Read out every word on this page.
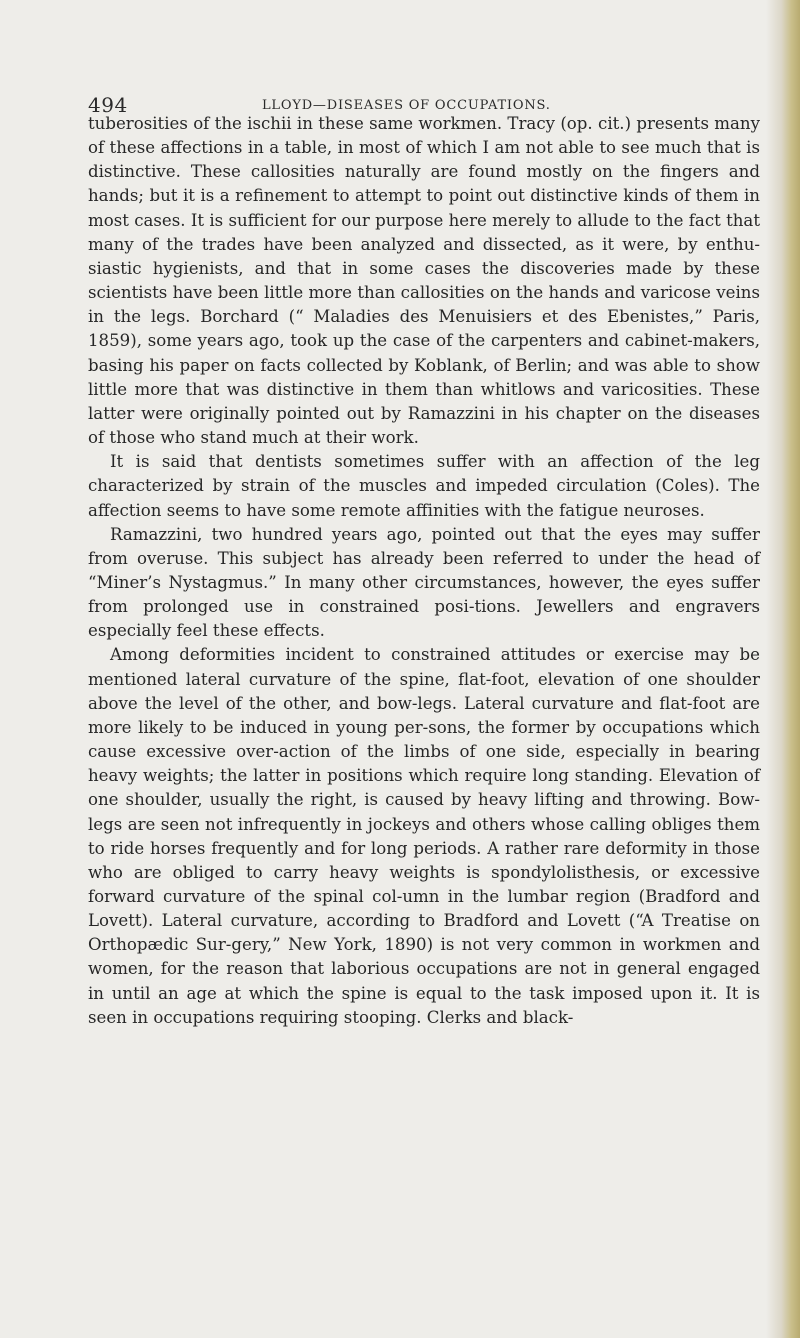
494	LLOYD—DISEASES OF OCCUPATIONS.

tuberosities of the ischii in these same workmen. Tracy (op. cit.) presents many of these affections in a table, in most of which I am not able to see much that is distinctive. These callosities naturally are found mostly on the fingers and hands; but it is a refinement to attempt to point out distinctive kinds of them in most cases. It is sufficient for our purpose here merely to allude to the fact that many of the trades have been analyzed and dissected, as it were, by enthu-siastic hygienists, and that in some cases the discoveries made by these scientists have been little more than callosities on the hands and varicose veins in the legs. Borchard (“ Maladies des Menuisiers et des Ebenistes,” Paris, 1859), some years ago, took up the case of the carpenters and cabinet-makers, basing his paper on facts collected by Koblank, of Berlin; and was able to show little more that was distinctive in them than whitlows and varicosities. These latter were originally pointed out by Ramazzini in his chapter on the diseases of those who stand much at their work.

It is said that dentists sometimes suffer with an affection of the leg characterized by strain of the muscles and impeded circulation (Coles). The affection seems to have some remote affinities with the fatigue neuroses.

Ramazzini, two hundred years ago, pointed out that the eyes may suffer from overuse. This subject has already been referred to under the head of “Miner’s Nystagmus.” In many other circumstances, however, the eyes suffer from prolonged use in constrained posi-tions. Jewellers and engravers especially feel these effects.

Among deformities incident to constrained attitudes or exercise may be mentioned lateral curvature of the spine, flat-foot, elevation of one shoulder above the level of the other, and bow-legs. Lateral curvature and flat-foot are more likely to be induced in young per-sons, the former by occupations which cause excessive over-action of the limbs of one side, especially in bearing heavy weights; the latter in positions which require long standing. Elevation of one shoulder, usually the right, is caused by heavy lifting and throwing. Bow-legs are seen not infrequently in jockeys and others whose calling obliges them to ride horses frequently and for long periods. A rather rare deformity in those who are obliged to carry heavy weights is spondylolisthesis, or excessive forward curvature of the spinal col-umn in the lumbar region (Bradford and Lovett). Lateral curvature, according to Bradford and Lovett (“A Treatise on Orthopædic Sur-gery,” New York, 1890) is not very common in workmen and women, for the reason that laborious occupations are not in general engaged in until an age at which the spine is equal to the task imposed upon it. It is seen in occupations requiring stooping. Clerks and black-
